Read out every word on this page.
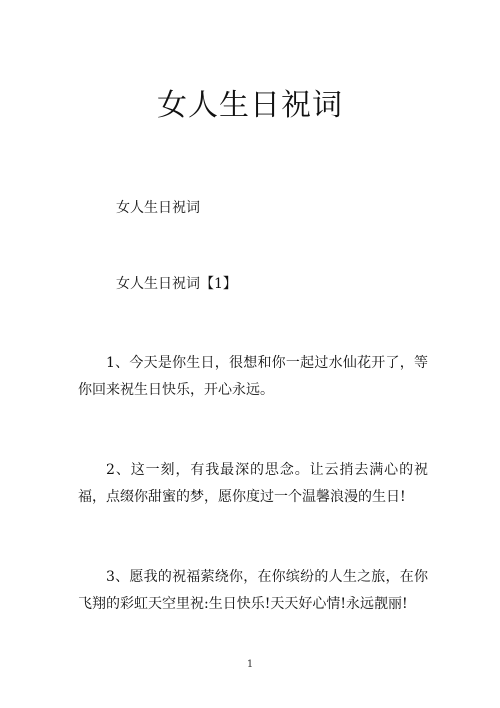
女人生日祝词
女人生日祝词
女人生日祝词【1】
1、今天是你生日，很想和你一起过水仙花开了，等你回来祝生日快乐，开心永远。
2、这一刻，有我最深的思念。让云捎去满心的祝福，点缀你甜蜜的梦，愿你度过一个温馨浪漫的生日!
3、愿我的祝福萦绕你，在你缤纷的人生之旅，在你飞翔的彩虹天空里祝:生日快乐!天天好心情!永远靓丽!
1
